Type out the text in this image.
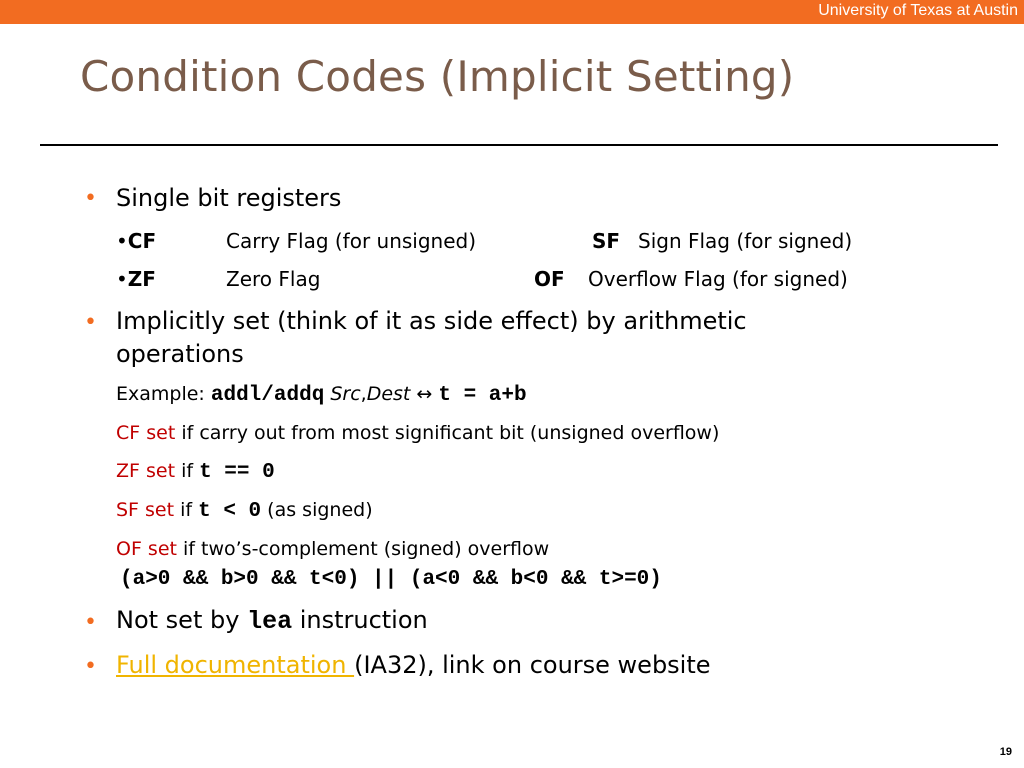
University of Texas at Austin
Condition Codes (Implicit Setting)
• Single bit registers
•CF	Carry Flag (for unsigned)	SF Sign Flag (for signed)
•ZF	Zero Flag	OF Overflow Flag (for signed)
• Implicitly set (think of it as side effect) by arithmetic
operations
Example: addl/addq Src,Dest ↔ t = a+b
CF set if carry out from most significant bit (unsigned overflow)
ZF set if t == 0
SF set if t < 0 (as signed)
OF set if two’s-complement (signed) overflow
(a>0 && b>0 && t<0) || (a<0 && b<0 && t>=0)
• Not set by lea instruction
• Full documentation (IA32), link on course website
19
